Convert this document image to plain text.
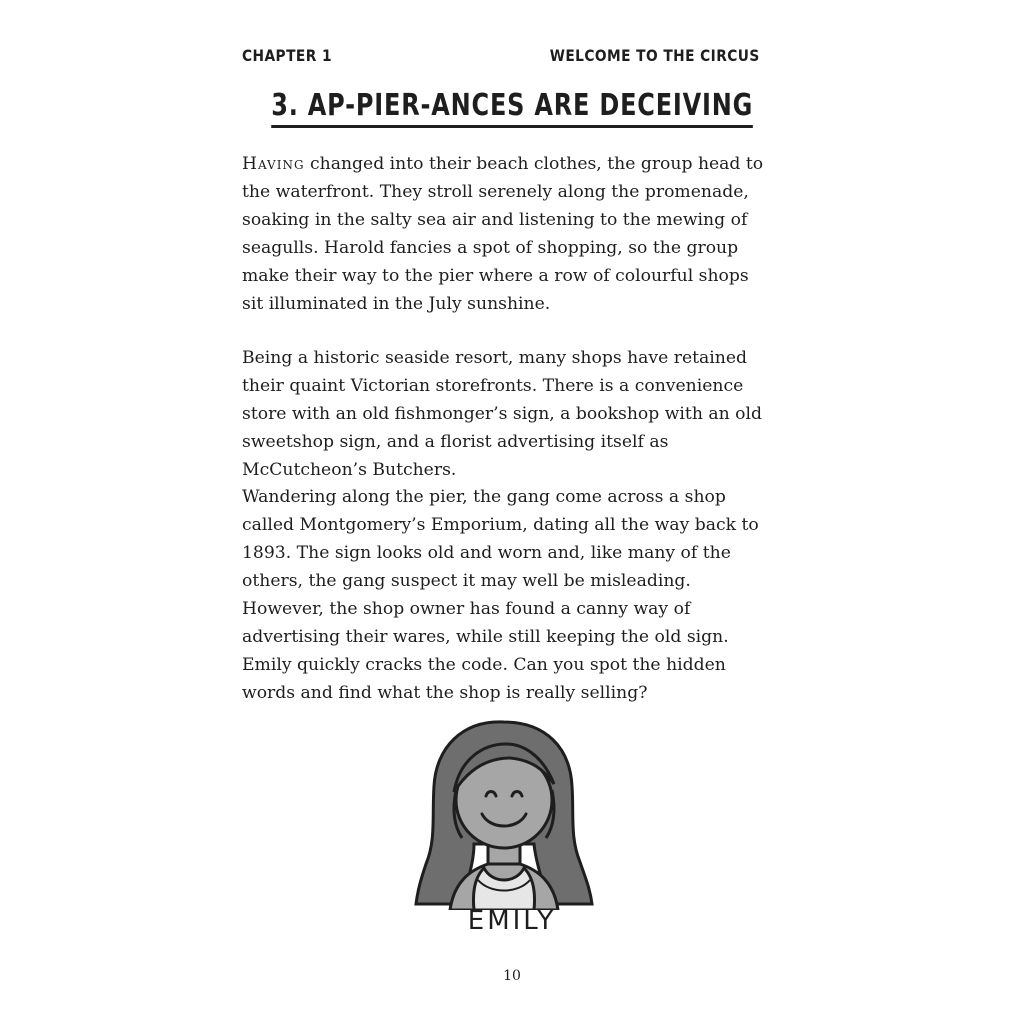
CHAPTER 1	WELCOME TO THE CIRCUS
3. AP-PIER-ANCES ARE DECEIVING

Having changed into their beach clothes, the group head to the waterfront. They stroll serenely along the promenade, soaking in the salty sea air and listening to the mewing of seagulls. Harold fancies a spot of shopping, so the group make their way to the pier where a row of colourful shops sit illuminated in the July sunshine.

Being a historic seaside resort, many shops have retained their quaint Victorian storefronts. There is a convenience store with an old fishmonger’s sign, a bookshop with an old sweetshop sign, and a florist advertising itself as McCutcheon’s Butchers.

Wandering along the pier, the gang come across a shop called Montgomery’s Emporium, dating all the way back to 1893. The sign looks old and worn and, like many of the others, the gang suspect it may well be misleading. However, the shop owner has found a canny way of advertising their wares, while still keeping the old sign. Emily quickly cracks the code. Can you spot the hidden words and find what the shop is really selling?

EMILY
10
